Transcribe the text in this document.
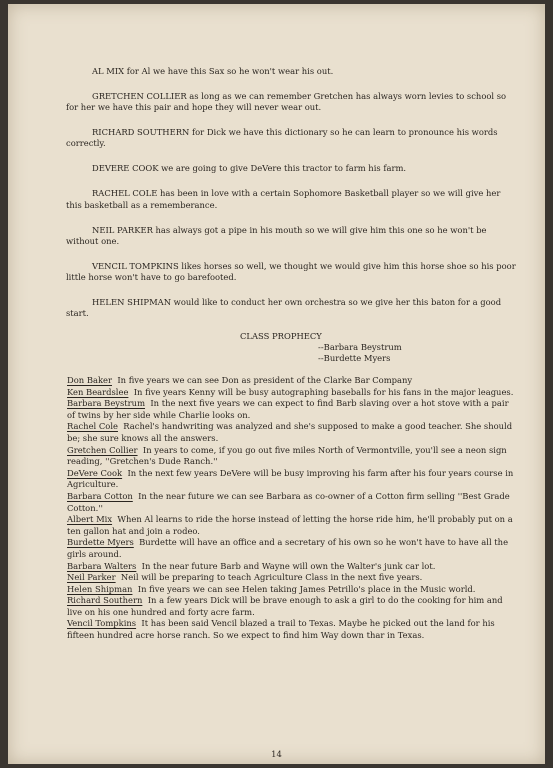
AL MIX for Al we have this Sax so he won't wear his out.

GRETCHEN COLLIER as long as we can remember Gretchen has always worn levies to school so for her we have this pair and hope they will never wear out.

RICHARD SOUTHERN for Dick we have this dictionary so he can learn to pronounce his words correctly.

DEVERE COOK we are going to give DeVere this tractor to farm his farm.

RACHEL COLE has been in love with a certain Sophomore Basketball player so we will give her this basketball as a rememberance.

NEIL PARKER has always got a pipe in his mouth so we will give him this one so he won't be without one.

VENCIL TOMPKINS likes horses so well, we thought we would give him this horse shoe so his poor little horse won't have to go barefooted.

HELEN SHIPMAN would like to conduct her own orchestra so we give her this baton for a good start.

CLASS PROPHECY
--Barbara Beystrum
--Burdette Myers

Don Baker In five years we can see Don as president of the Clarke Bar Company

Ken Beardslee In five years Kenny will be busy autographing baseballs for his fans in the major leagues.

Barbara Beystrum In the next five years we can expect to find Barb slaving over a hot stove with a pair of twins by her side while Charlie looks on.

Rachel Cole Rachel's handwriting was analyzed and she's supposed to make a good teacher. She should be; she sure knows all the answers.

Gretchen Collier In years to come, if you go out five miles North of Vermontville, you'll see a neon sign reading, ''Gretchen's Dude Ranch.''

DeVere Cook In the next few years DeVere will be busy improving his farm after his four years course in Agriculture.

Barbara Cotton In the near future we can see Barbara as co-owner of a Cotton firm selling ''Best Grade Cotton.''

Albert Mix When Al learns to ride the horse instead of letting the horse ride him, he'll probably put on a ten gallon hat and join a rodeo.

Burdette Myers Burdette will have an office and a secretary of his own so he won't have to have all the girls around.

Barbara Walters In the near future Barb and Wayne will own the Walter's junk car lot.

Neil Parker Neil will be preparing to teach Agriculture Class in the next five years.

Helen Shipman In five years we can see Helen taking James Petrillo's place in the Music world.

Richard Southern In a few years Dick will be brave enough to ask a girl to do the cooking for him and live on his one hundred and forty acre farm.

Vencil Tompkins It has been said Vencil blazed a trail to Texas. Maybe he picked out the land for his fifteen hundred acre horse ranch. So we expect to find him Way down thar in Texas.

14
